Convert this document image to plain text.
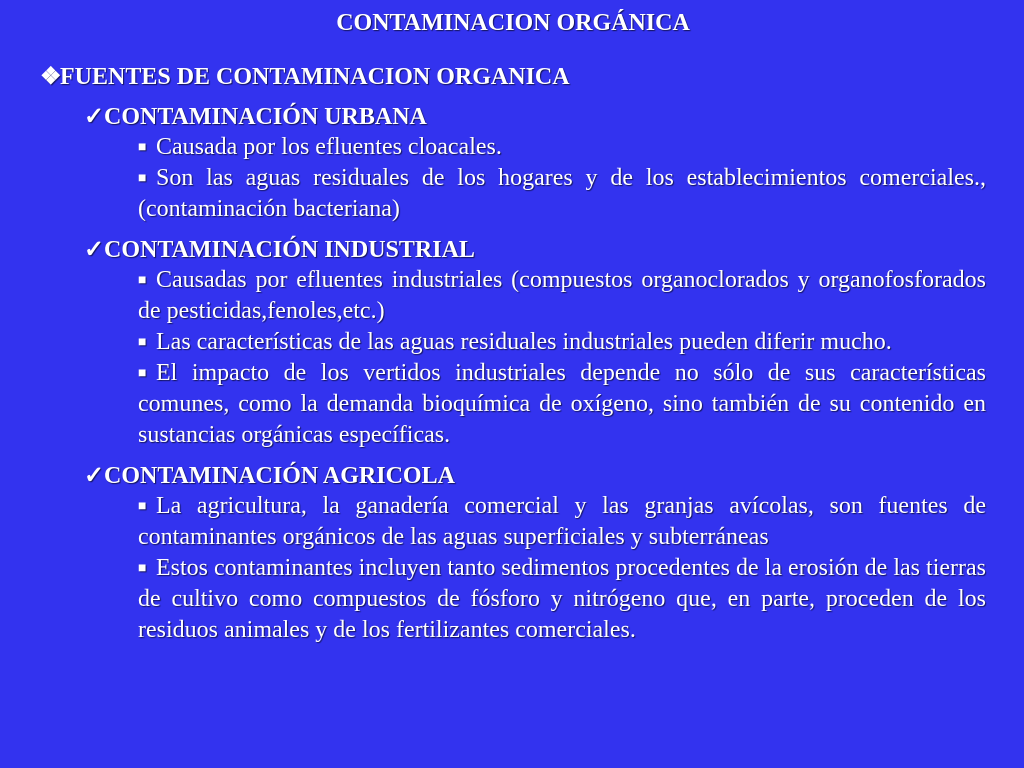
CONTAMINACION ORGÁNICA
❖FUENTES DE CONTAMINACION ORGANICA
✓CONTAMINACIÓN URBANA
■ Causada por los efluentes cloacales.
■ Son las aguas residuales de los hogares y de los establecimientos comerciales., (contaminación bacteriana)
✓CONTAMINACIÓN INDUSTRIAL
■ Causadas por efluentes industriales (compuestos organoclorados y organofosforados de pesticidas,fenoles,etc.)
■ Las características de las aguas residuales industriales pueden diferir mucho.
■ El impacto de los vertidos industriales depende no sólo de sus características comunes, como la demanda bioquímica de oxígeno, sino también de su contenido en sustancias orgánicas específicas.
✓CONTAMINACIÓN AGRICOLA
■ La agricultura, la ganadería comercial y las granjas avícolas, son fuentes de contaminantes orgánicos de las aguas superficiales y subterráneas
■ Estos contaminantes incluyen tanto sedimentos procedentes de la erosión de las tierras de cultivo como compuestos de fósforo y nitrógeno que, en parte, proceden de los residuos animales y de los fertilizantes comerciales.
